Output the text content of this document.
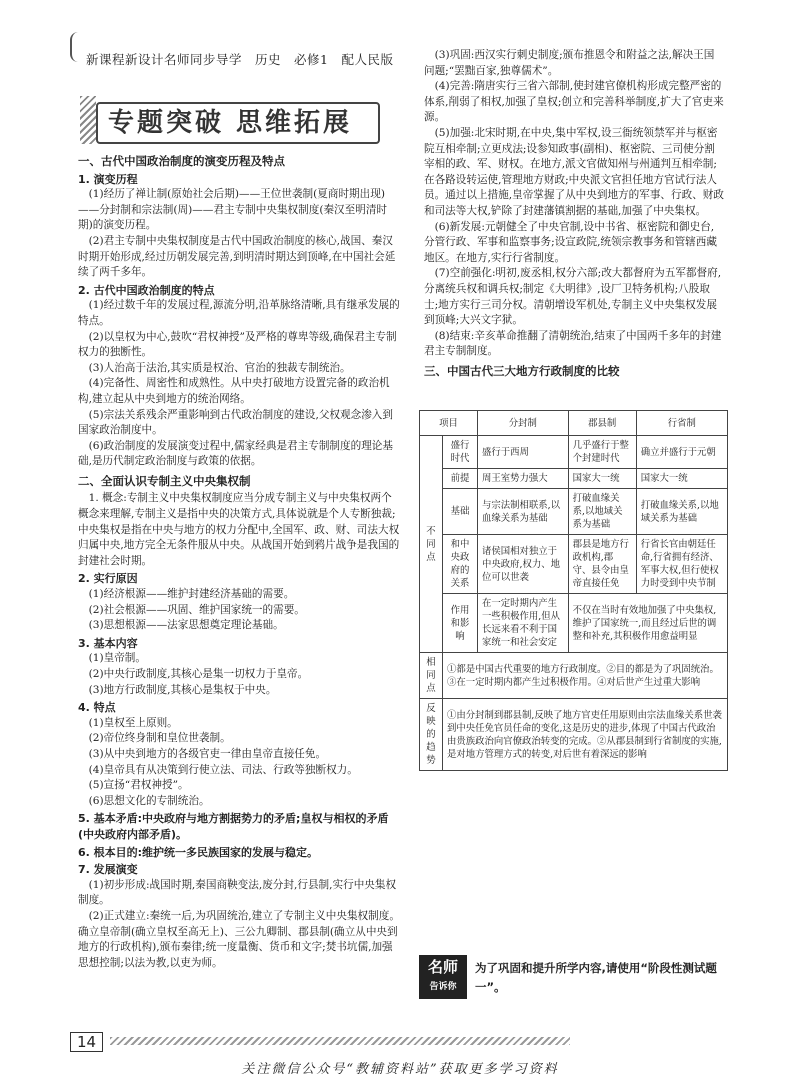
新课程新设计名师同步导学　历史　必修1　配人民版
专题突破 思维拓展
一、古代中国政治制度的演变历程及特点
1. 演变历程

(1)经历了禅让制(原始社会后期)——王位世袭制(夏商时期出现)——分封制和宗法制(周)——君主专制中央集权制度(秦汉至明清时期)的演变历程。

(2)君主专制中央集权制度是古代中国政治制度的核心,战国、秦汉时期开始形成,经过历朝发展完善,到明清时期达到顶峰,在中国社会延续了两千多年。

2. 古代中国政治制度的特点

(1)经过数千年的发展过程,源流分明,沿革脉络清晰,具有继承发展的特点。

(2)以皇权为中心,鼓吹“君权神授”及严格的尊卑等级,确保君主专制权力的独断性。

(3)人治高于法治,其实质是权治、官治的独裁专制统治。

(4)完备性、周密性和成熟性。从中央打破地方设置完备的政治机构,建立起从中央到地方的统治网络。

(5)宗法关系残余严重影响到古代政治制度的建设,父权观念渗入到国家政治制度中。

(6)政治制度的发展演变过程中,儒家经典是君主专制制度的理论基础,是历代制定政治制度与政策的依据。

二、全面认识专制主义中央集权制

1. 概念:专制主义中央集权制度应当分成专制主义与中央集权两个概念来理解,专制主义是指中央的决策方式,具体说就是个人专断独裁;中央集权是指在中央与地方的权力分配中,全国军、政、财、司法大权归属中央,地方完全无条件服从中央。从战国开始到鸦片战争是我国的封建社会时期。

2. 实行原因

(1)经济根源——维护封建经济基础的需要。

(2)社会根源——巩固、维护国家统一的需要。

(3)思想根源——法家思想奠定理论基础。

3. 基本内容

(1)皇帝制。

(2)中央行政制度,其核心是集一切权力于皇帝。

(3)地方行政制度,其核心是集权于中央。

4. 特点

(1)皇权至上原则。

(2)帝位终身制和皇位世袭制。

(3)从中央到地方的各级官吏一律由皇帝直接任免。

(4)皇帝具有从决策到行使立法、司法、行政等独断权力。

(5)宣扬“君权神授”。

(6)思想文化的专制统治。

5. 基本矛盾:中央政府与地方割据势力的矛盾;皇权与相权的矛盾(中央政府内部矛盾)。
6. 根本目的:维护统一多民族国家的发展与稳定。
7. 发展演变

(1)初步形成:战国时期,秦国商鞅变法,废分封,行县制,实行中央集权制度。

(2)正式建立:秦统一后,为巩固统治,建立了专制主义中央集权制度。确立皇帝制(确立皇权至高无上)、三公九卿制、郡县制(确立从中央到地方的行政机构),颁布秦律;统一度量衡、货币和文字;焚书坑儒,加强思想控制;以法为教,以吏为师。

(3)巩固:西汉实行刺史制度;颁布推恩令和附益之法,解决王国问题;“罢黜百家,独尊儒术”。

(4)完善:隋唐实行三省六部制,使封建官僚机构形成完整严密的体系,削弱了相权,加强了皇权;创立和完善科举制度,扩大了官吏来源。

(5)加强:北宋时期,在中央,集中军权,设三衙统领禁军并与枢密院互相牵制;立更戍法;设参知政事(副相)、枢密院、三司使分割宰相的政、军、财权。在地方,派文官做知州与州通判互相牵制;在各路设转运使,管理地方财政;中央派文官担任地方官试行法人员。通过以上措施,皇帝掌握了从中央到地方的军事、行政、财政和司法等大权,铲除了封建藩镇割据的基础,加强了中央集权。

(6)新发展:元朝健全了中央官制,设中书省、枢密院和御史台,分管行政、军事和监察事务;设宣政院,统领宗教事务和管辖西藏地区。在地方,实行行省制度。

(7)空前强化:明初,废丞相,权分六部;改大都督府为五军都督府,分离统兵权和调兵权;制定《大明律》,设厂卫特务机构;八股取士;地方实行三司分权。清朝增设军机处,专制主义中央集权发展到顶峰;大兴文字狱。

(8)结束:辛亥革命推翻了清朝统治,结束了中国两千多年的封建君主专制制度。

三、中国古代三大地方行政制度的比较
项目		分封制	郡县制	行省制
不同点	盛行时代	盛行于西周	几乎盛行于整个封建时代	确立并盛行于元朝
	前提	周王室势力强大	国家大一统	国家大一统
	基础	与宗法制相联系,以血缘关系为基础	打破血缘关系,以地域关系为基础	打破血缘关系,以地域关系为基础
	和中央政府的关系	诸侯国相对独立于中央政府,权力、地位可以世袭	郡县是地方行政机构,郡守、县令由皇帝直接任免	行省长官由朝廷任命,行省拥有经济、军事大权,但行使权力时受到中央节制
	作用和影响	在一定时期内产生一些积极作用,但从长远来看不利于国家统一和社会安定	不仅在当时有效地加强了中央集权,维护了国家统一,而且经过后世的调整和补充,其积极作用愈益明显	
相同点	①都是中国古代重要的地方行政制度。②目的都是为了巩固统治。③在一定时期内都产生过积极作用。④对后世产生过重大影响			
反映的趋势	①由分封制到郡县制,反映了地方官吏任用原则由宗法血缘关系世袭到中央任免官员任命的变化,这是历史的进步,体现了中国古代政治由贵族政治向官僚政治转变的完成。②从郡县制到行省制度的实施,是对地方管理方式的转变,对后世有着深远的影响			
名师
告诉你
为了巩固和提升所学内容,请使用“阶段性测试题一”。
14
关注微信公众号“教辅资料站”获取更多学习资料
